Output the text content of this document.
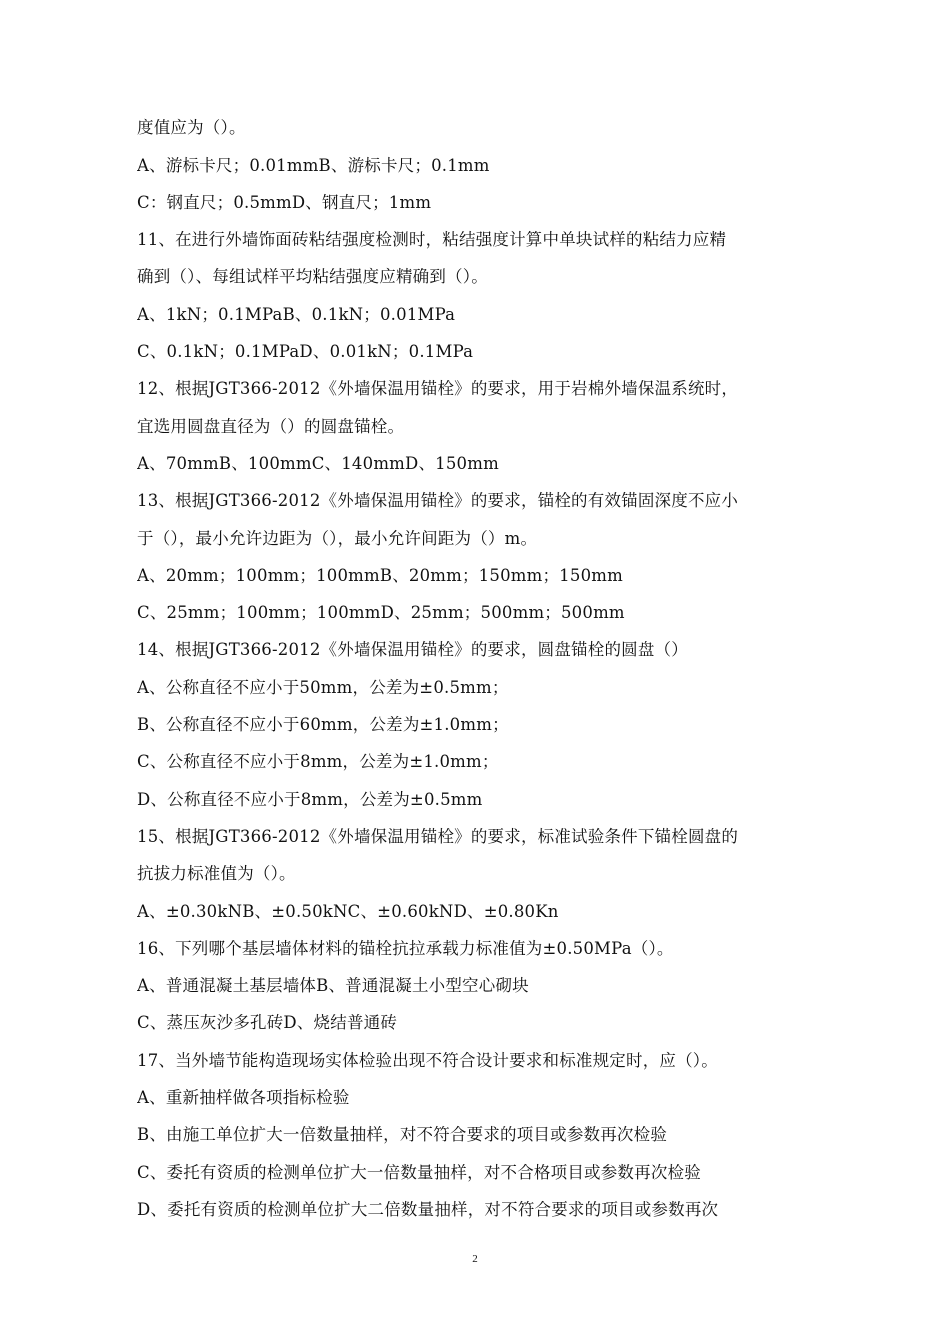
度值应为（）。
A、游标卡尺；0.01mmB、游标卡尺；0.1mm
C：钢直尺；0.5mmD、钢直尺；1mm
11、在进行外墙饰面砖粘结强度检测时，粘结强度计算中单块试样的粘结力应精
确到（）、每组试样平均粘结强度应精确到（）。
A、1kN；0.1MPaB、0.1kN；0.01MPa
C、0.1kN；0.1MPaD、0.01kN；0.1MPa
12、根据JGT366-2012《外墙保温用锚栓》的要求，用于岩棉外墙保温系统时，
宜选用圆盘直径为（）的圆盘锚栓。
A、70mmB、100mmC、140mmD、150mm
13、根据JGT366-2012《外墙保温用锚栓》的要求，锚栓的有效锚固深度不应小
于（），最小允许边距为（），最小允许间距为（）m。
A、20mm；100mm；100mmB、20mm；150mm；150mm
C、25mm；100mm；100mmD、25mm；500mm；500mm
14、根据JGT366-2012《外墙保温用锚栓》的要求，圆盘锚栓的圆盘（）
A、公称直径不应小于50mm，公差为±0.5mm；
B、公称直径不应小于60mm，公差为±1.0mm；
C、公称直径不应小于8mm，公差为±1.0mm；
D、公称直径不应小于8mm，公差为±0.5mm
15、根据JGT366-2012《外墙保温用锚栓》的要求，标准试验条件下锚栓圆盘的
抗拔力标准值为（）。
A、±0.30kNB、±0.50kNC、±0.60kND、±0.80Kn
16、下列哪个基层墙体材料的锚栓抗拉承载力标准值为±0.50MPa（）。
A、普通混凝土基层墙体B、普通混凝土小型空心砌块
C、蒸压灰沙多孔砖D、烧结普通砖
17、当外墙节能构造现场实体检验出现不符合设计要求和标准规定时，应（）。
A、重新抽样做各项指标检验
B、由施工单位扩大一倍数量抽样，对不符合要求的项目或参数再次检验
C、委托有资质的检测单位扩大一倍数量抽样，对不合格项目或参数再次检验
D、委托有资质的检测单位扩大二倍数量抽样，对不符合要求的项目或参数再次
2
